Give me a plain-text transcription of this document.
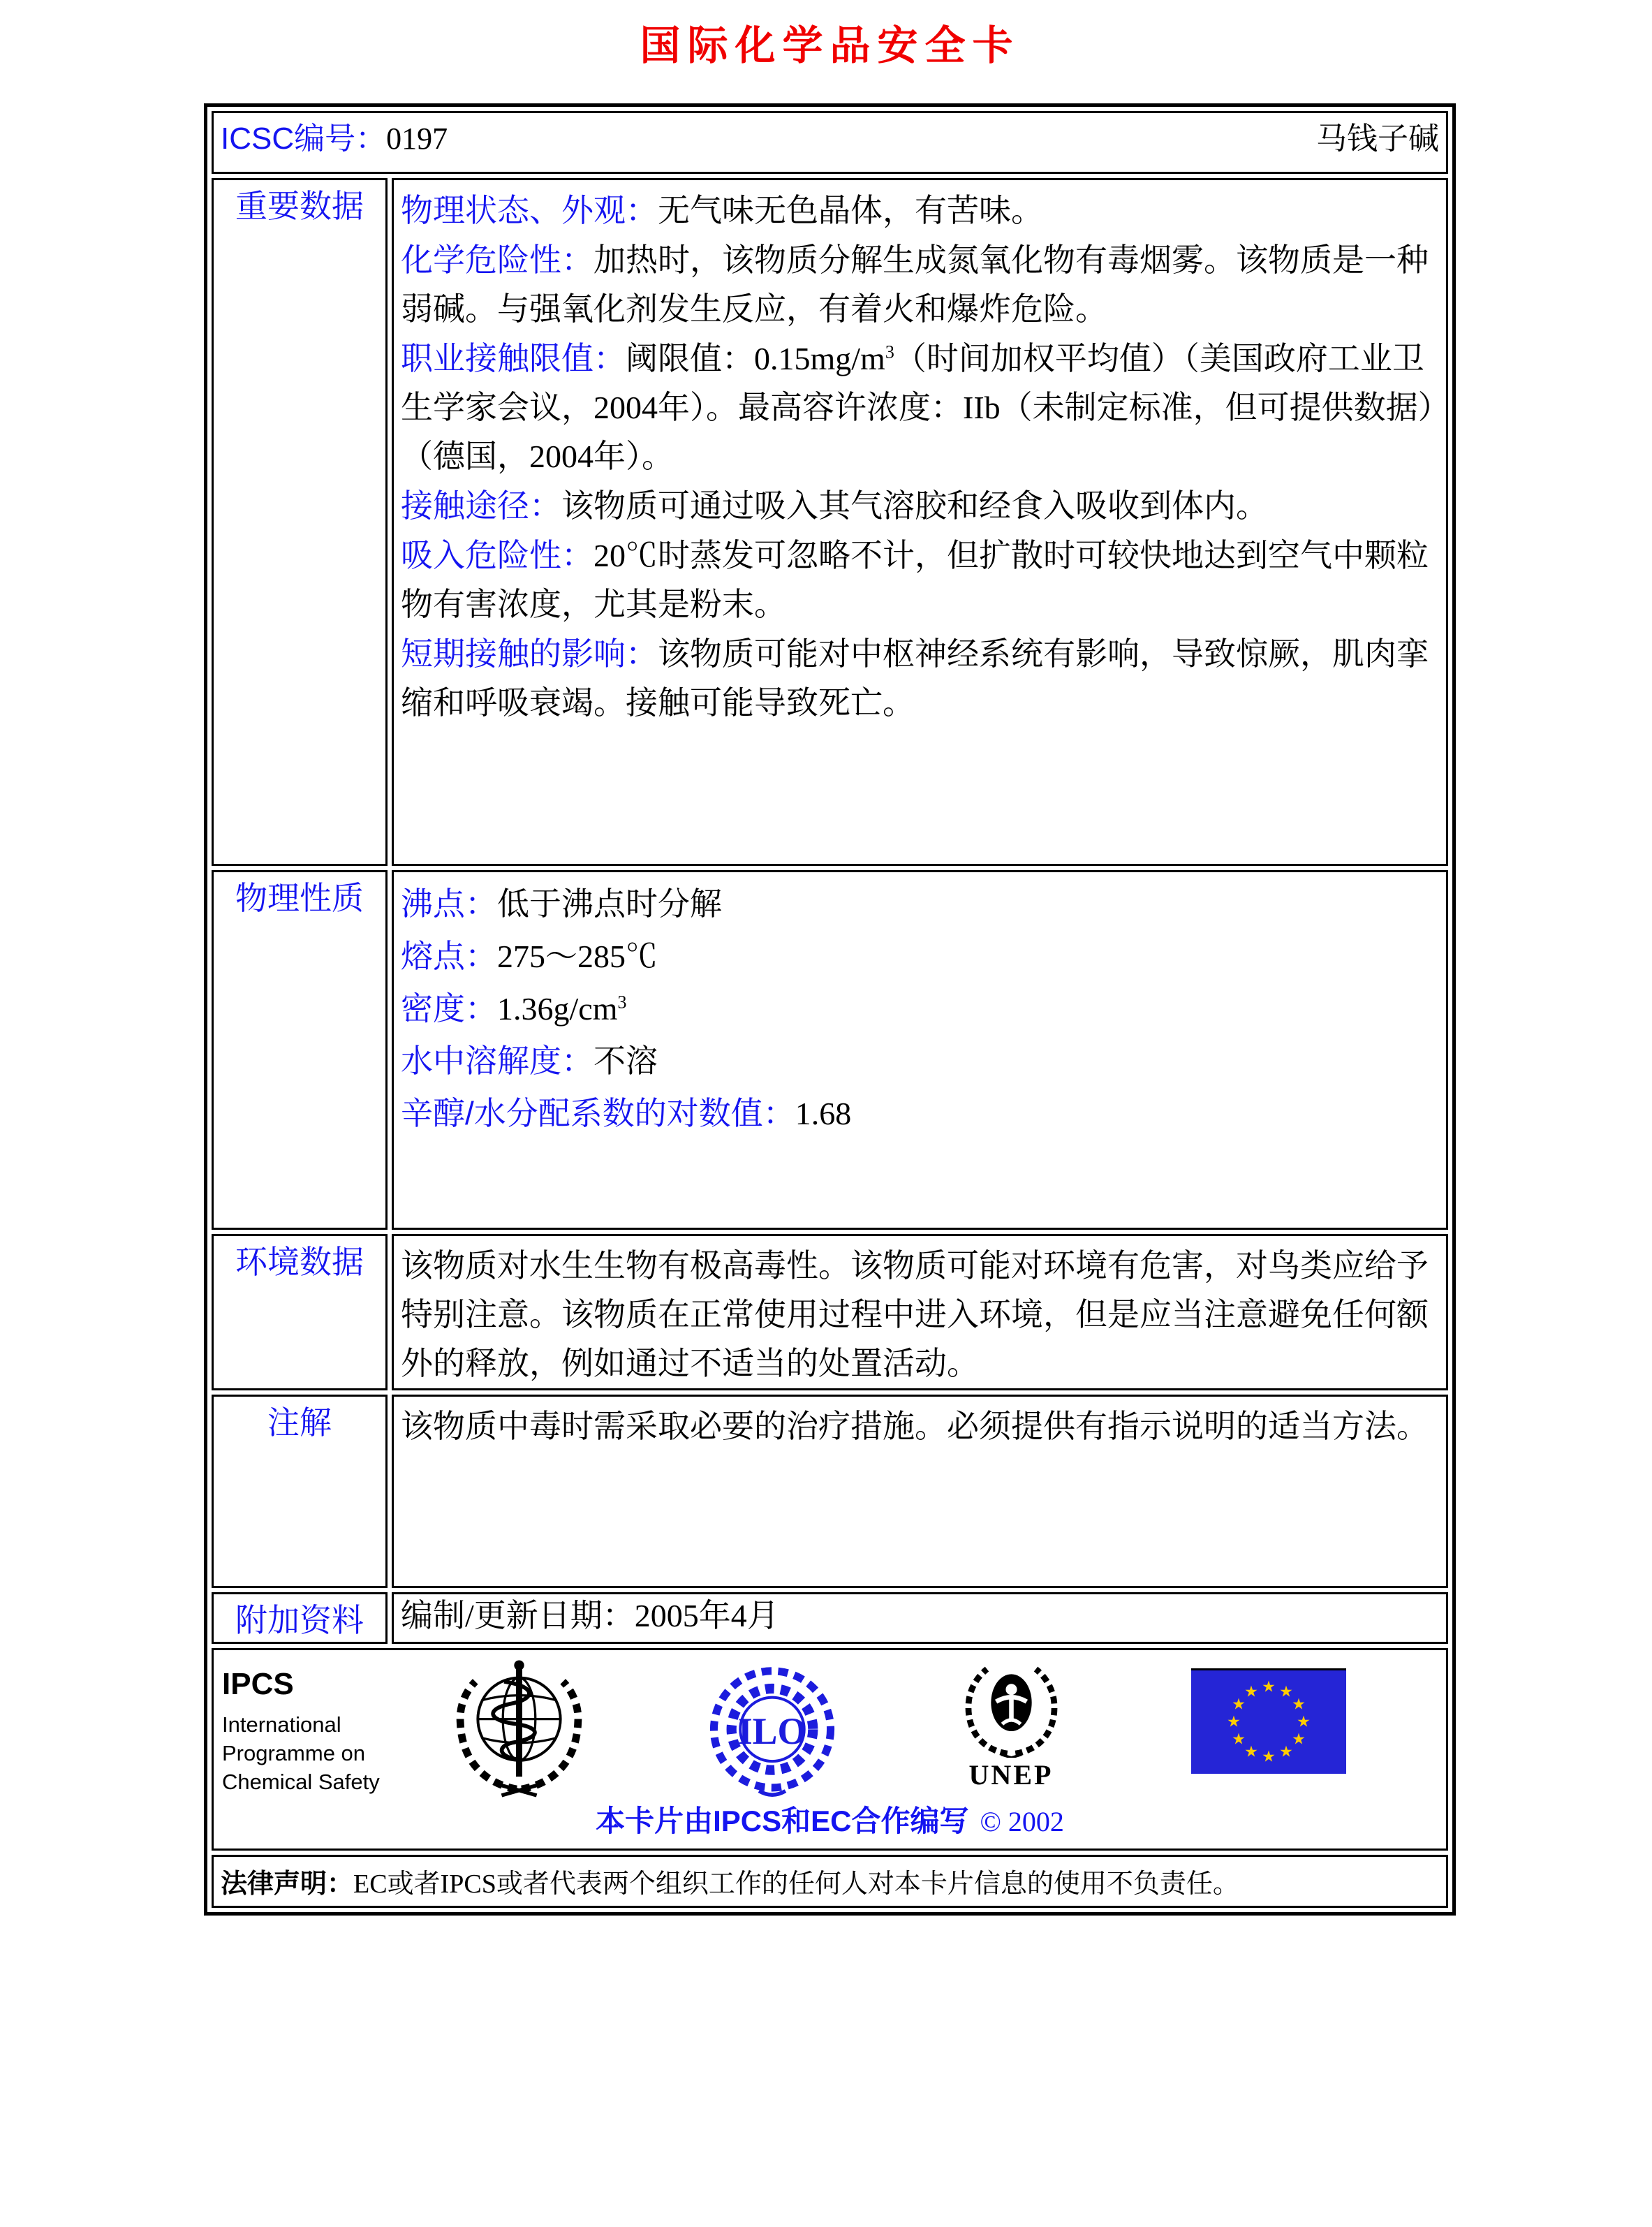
国际化学品安全卡
ICSC编号：0197 马钱子碱	

重要数据	物理状态、外观：无气味无色晶体，有苦味。
化学危险性：加热时，该物质分解生成氮氧化物有毒烟雾。该物质是一种弱碱。与强氧化剂发生反应，有着火和爆炸危险。
职业接触限值：阈限值：$0.15mg/m^3$（时间加权平均值）（美国政府工业卫生学家会议，2004年）。最高容许浓度：IIb（未制定标准，但可提供数据）（德国，2004年）。
接触途径：该物质可通过吸入其气溶胶和经食入吸收到体内。
吸入危险性：20℃时蒸发可忽略不计，但扩散时可较快地达到空气中颗粒物有害浓度，尤其是粉末。
短期接触的影响：该物质可能对中枢神经系统有影响，导致惊厥，肌肉挛缩和呼吸衰竭。接触可能导致死亡。

物理性质	沸点：低于沸点时分解
熔点：275～285℃
密度：$1.36g/cm^3$
水中溶解度：不溶
辛醇/水分配系数的对数值：1.68

环境数据	该物质对水生生物有极高毒性。该物质可能对环境有危害，对鸟类应给予特别注意。该物质在正常使用过程中进入环境，但是应当注意避免任何额外的释放，例如通过不适当的处置活动。

注解	该物质中毒时需采取必要的治疗措施。必须提供有指示说明的适当方法。

附加资料	编制/更新日期：2005年4月

IPCS
International
Programme on
Chemical Safety
ILO
UNEP
★
★
★
★
★
★
★
★
★
★
★
★
本卡片由IPCS和EC合作编写 © 2002

法律声明：EC或者IPCS或者代表两个组织工作的任何人对本卡片信息的使用不负责任。	
